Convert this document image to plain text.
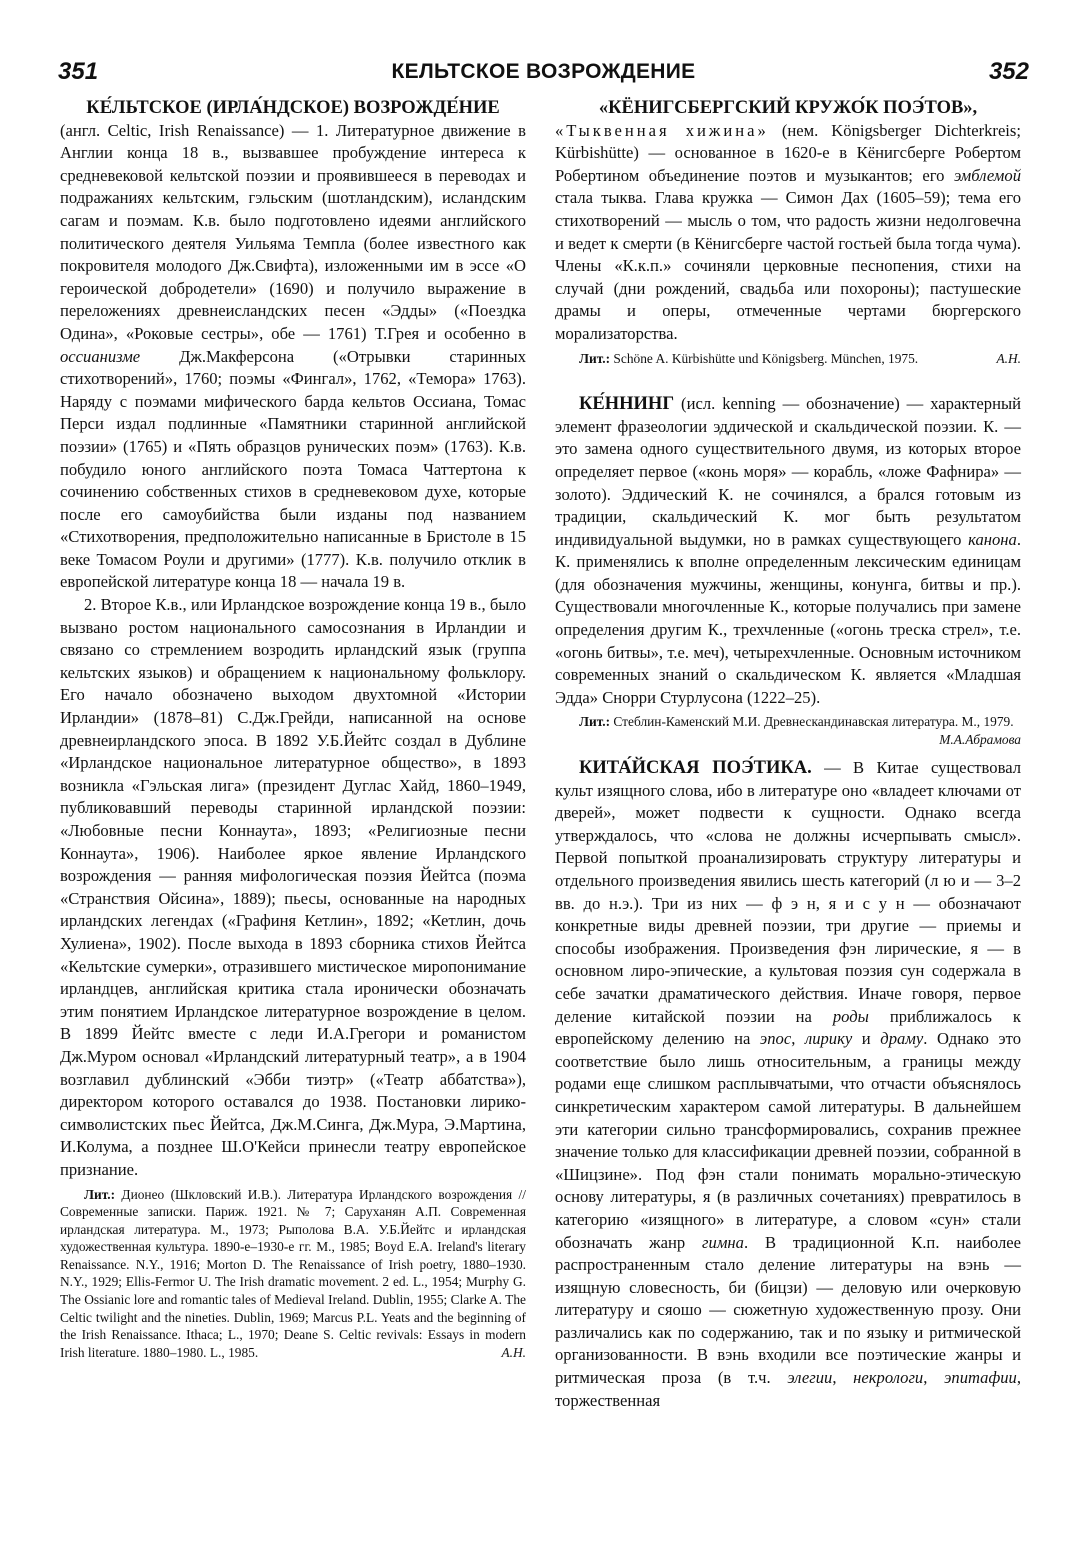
351	КЕЛЬТСКОЕ ВОЗРОЖДЕНИЕ	352

КЕ́ЛЬТСКОЕ (ИРЛА́НДСКОЕ) ВОЗРОЖДЕ́НИЕ
(англ. Celtic, Irish Renaissance) — 1. Литературное движение в Англии конца 18 в., вызвавшее пробуждение интереса к средневековой кельтской поэзии и проявившееся в переводах и подражаниях кельтским, гэльским (шотландским), исландским сагам и поэмам. К.в. было подготовлено идеями английского политического деятеля Уильяма Темпла (более известного как покровителя молодого Дж.Свифта), изложенными им в эссе «О героической добродетели» (1690) и получило выражение в переложениях древнеисландских песен «Эдды» («Поездка Одина», «Роковые сестры», обе — 1761) Т.Грея и особенно в оссианизме Дж.Макферсона («Отрывки старинных стихотворений», 1760; поэмы «Фингал», 1762, «Темора» 1763). Наряду с поэмами мифического барда кельтов Оссиана, Томас Перси издал подлинные «Памятники старинной английской поэзии» (1765) и «Пять образцов рунических поэм» (1763). К.в. побудило юного английского поэта Томаса Чаттертона к сочинению собственных стихов в средневековом духе, которые после его самоубийства были изданы под названием «Стихотворения, предположительно написанные в Бристоле в 15 веке Томасом Роули и другими» (1777). К.в. получило отклик в европейской литературе конца 18 — начала 19 в.

2. Второе К.в., или Ирландское возрождение конца 19 в., было вызвано ростом национального самосознания в Ирландии и связано со стремлением возродить ирландский язык (группа кельтских языков) и обращением к национальному фольклору. Его начало обозначено выходом двухтомной «Истории Ирландии» (1878–81) С.Дж.Грейди, написанной на основе древнеирландского эпоса. В 1892 У.Б.Йейтс создал в Дублине «Ирландское национальное литературное общество», в 1893 возникла «Гэльская лига» (президент Дуглас Хайд, 1860–1949, публиковавший переводы старинной ирландской поэзии: «Любовные песни Коннаута», 1893; «Религиозные песни Коннаута», 1906). Наиболее яркое явление Ирландского возрождения — ранняя мифологическая поэзия Йейтса (поэма «Странствия Ойсина», 1889); пьесы, основанные на народных ирландских легендах («Графиня Кетлин», 1892; «Кетлин, дочь Хулиена», 1902). После выхода в 1893 сборника стихов Йейтса «Кельтские сумерки», отразившего мистическое миропонимание ирландцев, английская критика стала иронически обозначать этим понятием Ирландское литературное возрождение в целом. В 1899 Йейтс вместе с леди И.А.Грегори и романистом Дж.Муром основал «Ирландский литературный театр», а в 1904 возглавил дублинский «Эбби тиэтр» («Театр аббатства»), директором которого оставался до 1938. Постановки лирико-символистских пьес Йейтса, Дж.М.Синга, Дж.Мура, Э.Мартина, И.Колума, а позднее Ш.О'Кейси принесли театру европейское признание.

Лит.: Дионео (Шкловский И.В.). Литература Ирландского возрождения // Современные записки. Париж. 1921. № 7; Саруханян А.П. Современная ирландская литература. М., 1973; Рыполова В.А. У.Б.Йейтс и ирландская художественная культура. 1890-е–1930-е гг. М., 1985; Boyd E.A. Ireland's literary Renaissance. N.Y., 1916; Morton D. The Renaissance of Irish poetry, 1880–1930. N.Y., 1929; Ellis-Fermor U. The Irish dramatic movement. 2 ed. L., 1954; Murphy G. The Ossianic lore and romantic tales of Medieval Ireland. Dublin, 1955; Clarke A. The Celtic twilight and the nineties. Dublin, 1969; Marcus P.L. Yeats and the beginning of the Irish Renaissance. Ithaca; L., 1970; Deane S. Celtic revivals: Essays in modern Irish literature. 1880–1980. L., 1985.	А.Н.

«КЁНИГСБЕРГСКИЙ КРУЖО́К ПОЭ́ТОВ»,
«Тыквенная хижина» (нем. Königsberger Dichterkreis; Kürbishütte) — основанное в 1620-е в Кёнигсберге Робертом Робертином объединение поэтов и музыкантов; его эмблемой стала тыква. Глава кружка — Симон Дах (1605–59); тема его стихотворений — мысль о том, что радость жизни недолговечна и ведет к смерти (в Кёнигсберге частой гостьей была тогда чума). Члены «К.к.п.» сочиняли церковные песнопения, стихи на случай (дни рождений, свадьба или похороны); пастушеские драмы и оперы, отмеченные чертами бюргерского морализаторства.

Лит.: Schöne A. Kürbishütte und Königsberg. München, 1975.	А.Н.

КЕ́ННИНГ (исл. kenning — обозначение) — характерный элемент фразеологии эддической и скальдической поэзии. К. — это замена одного существительного двумя, из которых второе определяет первое («конь моря» — корабль, «ложе Фафнира» — золото). Эддический К. не сочинялся, а брался готовым из традиции, скальдический К. мог быть результатом индивидуальной выдумки, но в рамках существующего канона. К. применялись к вполне определенным лексическим единицам (для обозначения мужчины, женщины, конунга, битвы и пр.). Существовали многочленные К., которые получались при замене определения другим К., трехчленные («огонь треска стрел», т.е. «огонь битвы», т.е. меч), четырехчленные. Основным источником современных знаний о скальдическом К. является «Младшая Эдда» Снорри Стурлусона (1222–25).

Лит.: Стеблин-Каменский М.И. Древнескандинавская литература. М., 1979.
М.А.Абрамова

КИТА́ЙСКАЯ ПОЭ́ТИКА. — В Китае существовал культ изящного слова, ибо в литературе оно «владеет ключами от дверей», может подвести к сущности. Однако всегда утверждалось, что «слова не должны исчерпывать смысл». Первой попыткой проанализировать структуру литературы и отдельного произведения явились шесть категорий (л ю и — 3–2 вв. до н.э.). Три из них — ф э н, я и с у н — обозначают конкретные виды древней поэзии, три другие — приемы и способы изображения. Произведения фэн лирические, я — в основном лиро-эпические, а культовая поэзия сун содержала в себе зачатки драматического действия. Иначе говоря, первое деление китайской поэзии на роды приближалось к европейскому делению на эпос, лирику и драму. Однако это соответствие было лишь относительным, а границы между родами еще слишком расплывчатыми, что отчасти объяснялось синкретическим характером самой литературы. В дальнейшем эти категории сильно трансформировались, сохранив прежнее значение только для классификации древней поэзии, собранной в «Шицзине». Под фэн стали понимать морально-этическую основу литературы, я (в различных сочетаниях) превратилось в категорию «изящного» в литературе, а словом «сун» стали обозначать жанр гимна. В традиционной К.п. наиболее распространенным стало деление литературы на вэнь — изящную словесность, би (бицзи) — деловую или очерковую литературу и сяошо — сюжетную художественную прозу. Они различались как по содержанию, так и по языку и ритмической организованности. В вэнь входили все поэтические жанры и ритмическая проза (в т.ч. элегии, некрологи, эпитафии, торжественная
